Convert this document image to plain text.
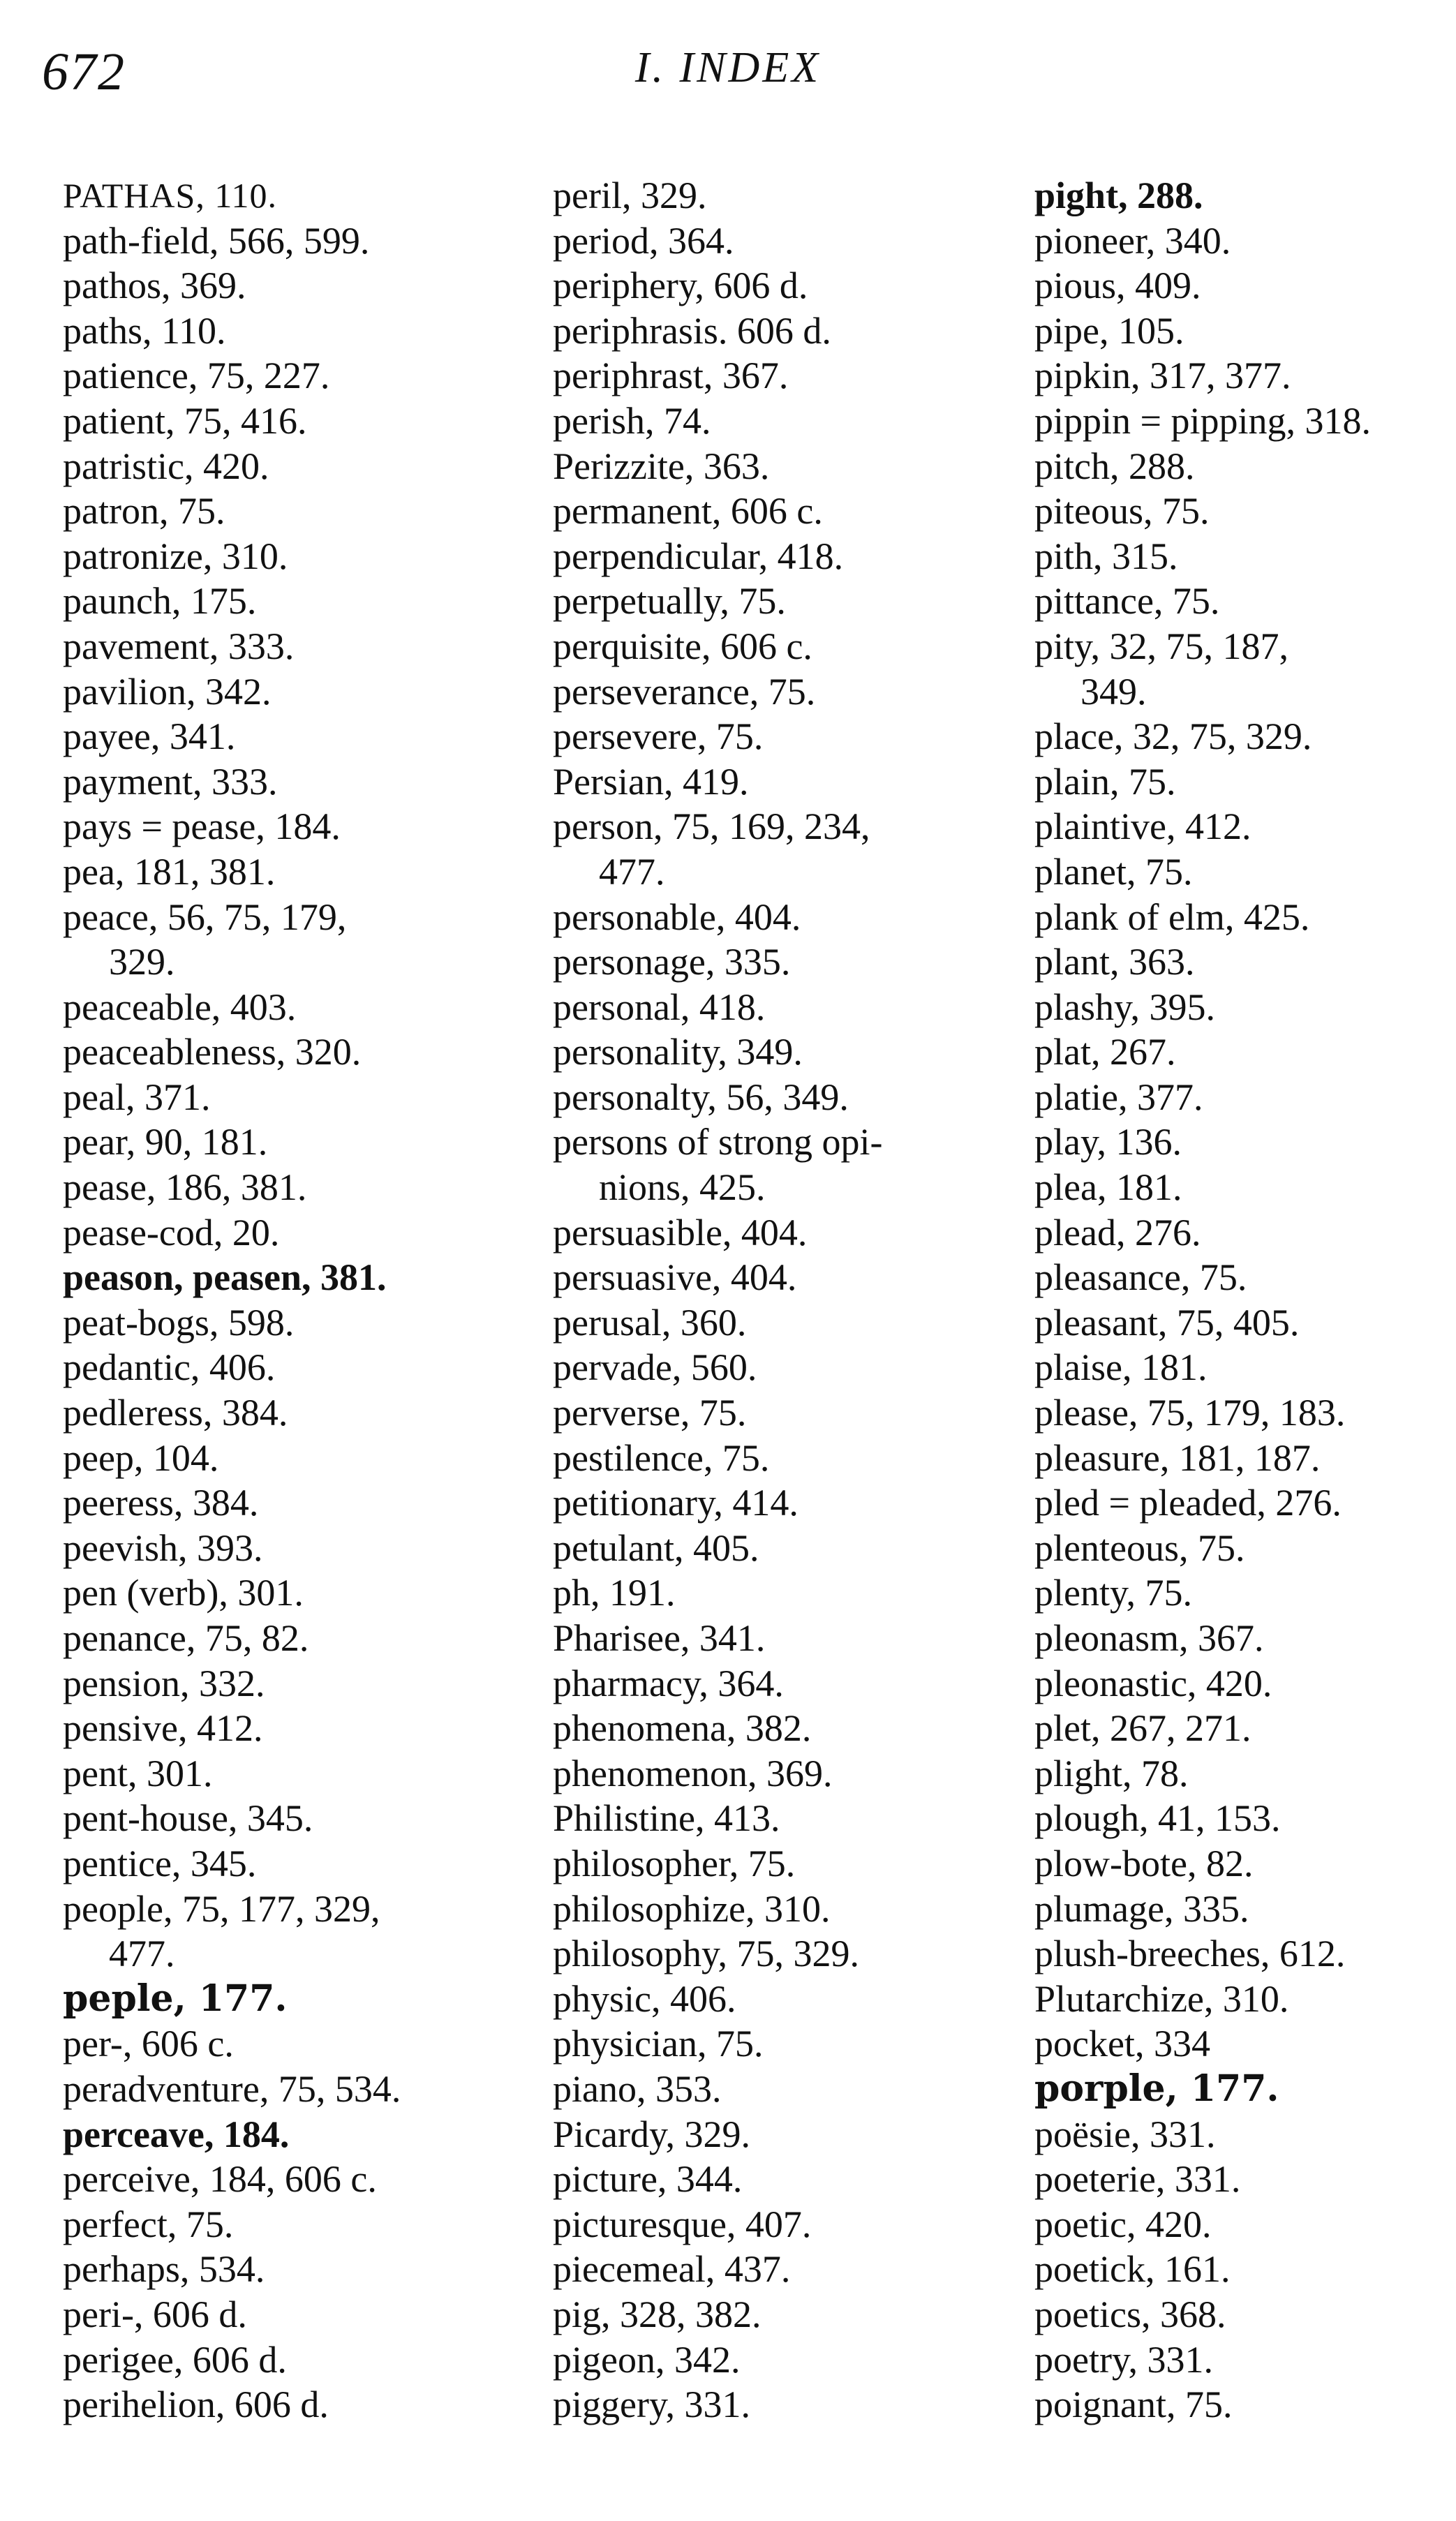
672	I. INDEX
PATHAS, 110.
path-field, 566, 599.
pathos, 369.
paths, 110.
patience, 75, 227.
patient, 75, 416.
patristic, 420.
patron, 75.
patronize, 310.
paunch, 175.
pavement, 333.
pavilion, 342.
payee, 341.
payment, 333.
pays = pease, 184.
pea, 181, 381.
peace, 56, 75, 179,
329.
peaceable, 403.
peaceableness, 320.
peal, 371.
pear, 90, 181.
pease, 186, 381.
pease-cod, 20.
peason, peasen, 381.
peat-bogs, 598.
pedantic, 406.
pedleress, 384.
peep, 104.
peeress, 384.
peevish, 393.
pen (verb), 301.
penance, 75, 82.
pension, 332.
pensive, 412.
pent, 301.
pent-house, 345.
pentice, 345.
people, 75, 177, 329,
477.
peple, 177.
per-, 606 c.
peradventure, 75, 534.
perceave, 184.
perceive, 184, 606 c.
perfect, 75.
perhaps, 534.
peri-, 606 d.
perigee, 606 d.
perihelion, 606 d.
peril, 329.
period, 364.
periphery, 606 d.
periphrasis. 606 d.
periphrast, 367.
perish, 74.
Perizzite, 363.
permanent, 606 c.
perpendicular, 418.
perpetually, 75.
perquisite, 606 c.
perseverance, 75.
persevere, 75.
Persian, 419.
person, 75, 169, 234,
477.
personable, 404.
personage, 335.
personal, 418.
personality, 349.
personalty, 56, 349.
persons of strong opi-
nions, 425.
persuasible, 404.
persuasive, 404.
perusal, 360.
pervade, 560.
perverse, 75.
pestilence, 75.
petitionary, 414.
petulant, 405.
ph, 191.
Pharisee, 341.
pharmacy, 364.
phenomena, 382.
phenomenon, 369.
Philistine, 413.
philosopher, 75.
philosophize, 310.
philosophy, 75, 329.
physic, 406.
physician, 75.
piano, 353.
Picardy, 329.
picture, 344.
picturesque, 407.
piecemeal, 437.
pig, 328, 382.
pigeon, 342.
piggery, 331.
pight, 288.
pioneer, 340.
pious, 409.
pipe, 105.
pipkin, 317, 377.
pippin = pipping, 318.
pitch, 288.
piteous, 75.
pith, 315.
pittance, 75.
pity, 32, 75, 187,
349.
place, 32, 75, 329.
plain, 75.
plaintive, 412.
planet, 75.
plank of elm, 425.
plant, 363.
plashy, 395.
plat, 267.
platie, 377.
play, 136.
plea, 181.
plead, 276.
pleasance, 75.
pleasant, 75, 405.
plaise, 181.
please, 75, 179, 183.
pleasure, 181, 187.
pled = pleaded, 276.
plenteous, 75.
plenty, 75.
pleonasm, 367.
pleonastic, 420.
plet, 267, 271.
plight, 78.
plough, 41, 153.
plow-bote, 82.
plumage, 335.
plush-breeches, 612.
Plutarchize, 310.
pocket, 334
porple, 177.
poësie, 331.
poeterie, 331.
poetic, 420.
poetick, 161.
poetics, 368.
poetry, 331.
poignant, 75.
